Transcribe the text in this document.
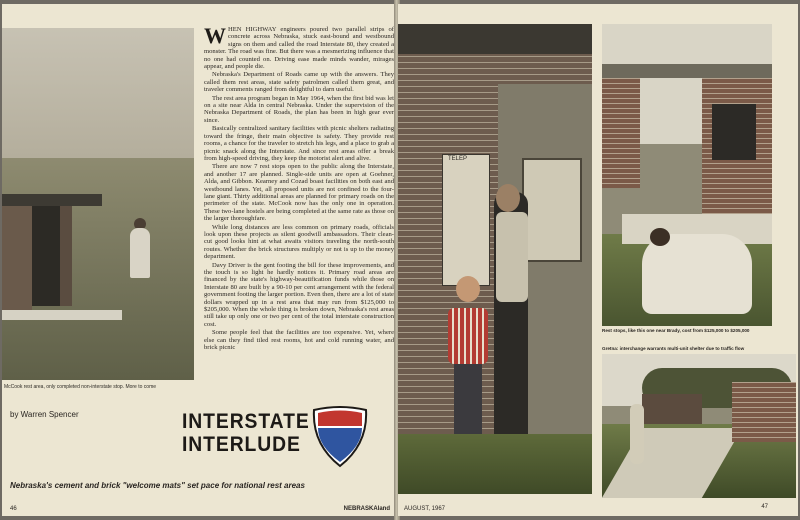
McCook rest area, only completed non-interstate stop. More to come

WHEN HIGHWAY engineers poured two parallel strips of concrete across Nebraska, stuck east-bound and westbound signs on them and called the road Interstate 80, they created a monster. The road was fine. But there was a mesmerizing influence that no one had counted on. Driving ease made minds wander, mirages appear, and people die.

Nebraska's Department of Roads came up with the answers. They called them rest areas, state safety patrolmen called them great, and traveler comments ranged from delightful to darn useful.

The rest area program began in May 1964, when the first bid was let on a site near Alda in central Nebraska. Under the supervision of the Nebraska Department of Roads, the plan has been in high gear ever since.

Basically centralized sanitary facilities with picnic shelters radiating toward the fringe, their main objective is safety. They provide rest rooms, a chance for the traveler to stretch his legs, and a place to grab a picnic snack along the Interstate. And since rest areas offer a break from high-speed driving, they keep the motorist alert and alive.

There are now 7 rest stops open to the public along the Interstate, and another 17 are planned. Single-side units are open at Goehner, Alda, and Gibbon. Kearney and Cozad boast facilities on both east and westbound lanes. Yet, all proposed units are not confined to the four-lane giant. Thirty additional areas are planned for primary roads on the perimeter of the state. McCook now has the only one in operation. These two-lane hostels are being completed at the same rate as those on the larger thoroughfare.

While long distances are less common on primary roads, officials look upon these projects as silent goodwill ambassadors. Their clean-cut good looks hint at what awaits visitors traveling the north-south routes. Whether the brick structures multiply or not is up to the money department.

Davy Driver is the gent footing the bill for these improvements, and the touch is so light he hardly notices it. Primary road areas are financed by the state's highway-beautification funds while those on Interstate 80 are built by a 90-10 per cent arrangement with the federal government footing the larger portion. Even then, there are a lot of state dollars wrapped up in a rest area that may run from $125,000 to $205,000. When the whole thing is broken down, Nebraska's rest areas still take up only one or two per cent of the total interstate construction cost.

Some people feel that the facilities are too expensive. Yet, where else can they find tiled rest rooms, hot and cold running water, and brick picnic

by Warren Spencer	INTERSTATE
INTERLUDE
Nebraska's cement and brick "welcome mats" set pace for national rest areas
46	NEBRASKAland
TELEP
Rest stops, like this one near Brady, cost from $125,000 to $205,000
Gretna: interchange warrants multi-unit shelter due to traffic flow
AUGUST, 1967	47
